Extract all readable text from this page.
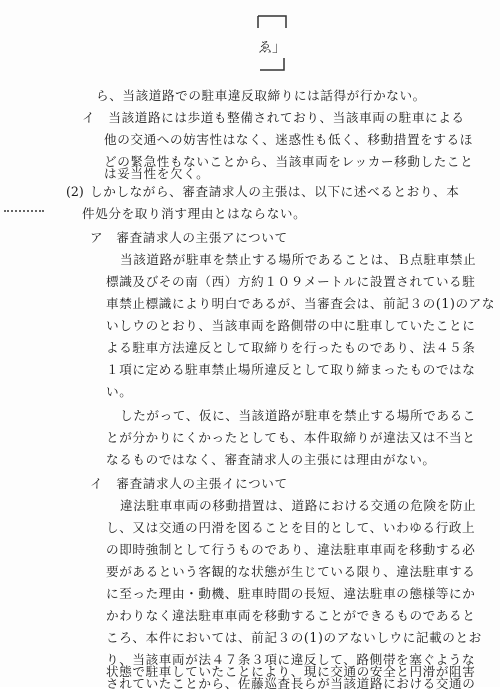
ゑ」
(2)
ら、当該道路での駐車違反取締りには話得が行かない。
イ　当該道路には歩道も整備されており、当該車両の駐車による
他の交通への妨害性はなく、迷惑性も低く、移動措置をするほ
どの緊急性もないことから、当該車両をレッカー移動したこと
は妥当性を欠く。
しかしながら、審査請求人の主張は、以下に述べるとおり、本
件処分を取り消す理由とはならない。
ア　審査請求人の主張アについて
当該道路が駐車を禁止する場所であることは、Ｂ点駐車禁止
標識及びその南（西）方約１０９メートルに設置されている駐
車禁止標識により明白であるが、当審査会は、前記３の(1)のアな
いしウのとおり、当該車両を路側帯の中に駐車していたことに
よる駐車方法違反として取締りを行ったものであり、法４５条
１項に定める駐車禁止場所違反として取り締まったものではな
い。
したがって、仮に、当該道路が駐車を禁止する場所であるこ
とが分かりにくかったとしても、本件取締りが違法又は不当と
なるものではなく、審査請求人の主張には理由がない。
イ　審査請求人の主張イについて
違法駐車車両の移動措置は、道路における交通の危険を防止
し、又は交通の円滑を図ることを目的として、いわゆる行政上
の即時強制として行うものであり、違法駐車車両を移動する必
要があるという客観的な状態が生じている限り、違法駐車する
に至った理由・動機、駐車時間の長短、違法駐車の態様等にか
かわりなく違法駐車車両を移動することができるものであると
ころ、本件においては、前記３の(1)のアないしウに記載のとお
り、当該車両が法４７条３項に違反して、路側帯を塞ぐような
状態で駐車していたことにより、現に交通の安全と円滑が阻害
されていたことから、佐藤巡査長らが当該道路における交通の
